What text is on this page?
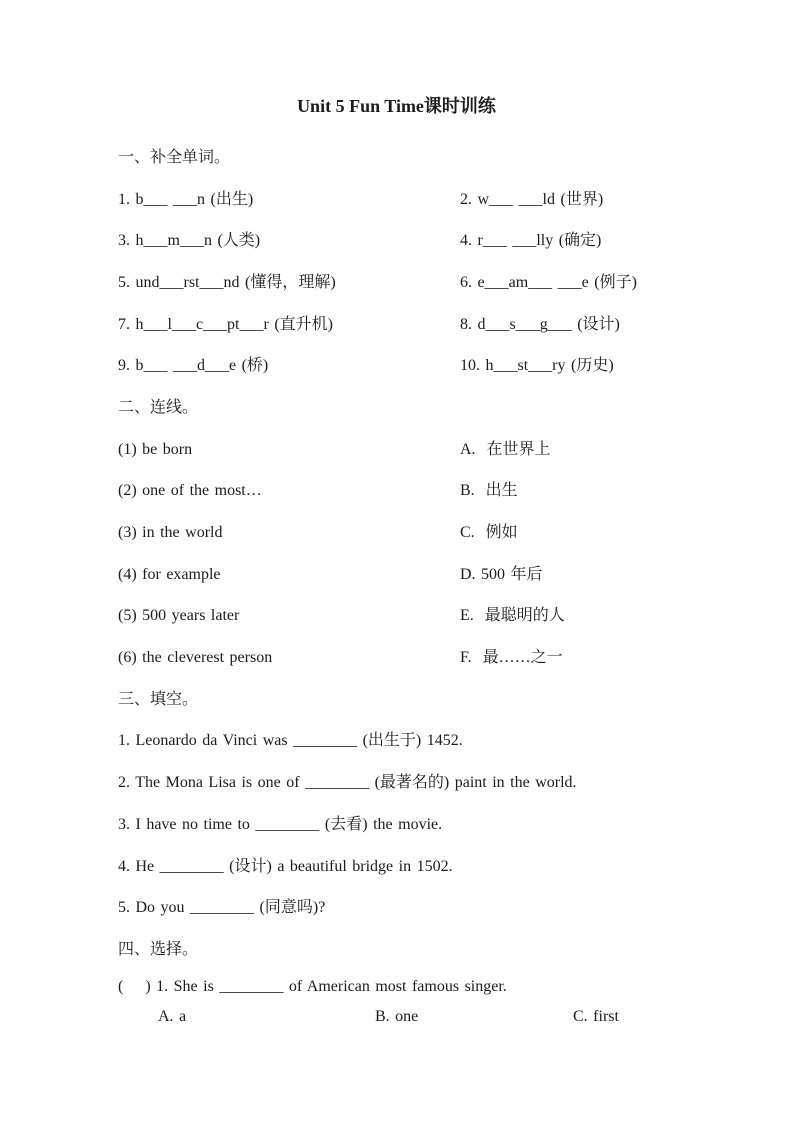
Unit 5 Fun Time课时训练
一、补全单词。
1. b___ ___n (出生)	2. w___ ___ld (世界)
3. h___m___n (人类)	4. r___ ___lly (确定)
5. und___rst___nd (懂得，理解)	6. e___am___ ___e (例子)
7. h___l___c___pt___r (直升机)	8. d___s___g___ (设计)
9. b___ ___d___e (桥)	10. h___st___ry (历史)
二、连线。
(1) be born	A.  在世界上
(2) one of the most…	B.  出生
(3) in the world	C.  例如
(4) for example	D. 500 年后
(5) 500 years later	E.  最聪明的人
(6) the cleverest person	F.  最……之一
三、填空。
1. Leonardo da Vinci was ________ (出生于) 1452.
2. The Mona Lisa is one of ________ (最著名的) paint in the world.
3. I have no time to ________ (去看) the movie.
4. He ________ (设计) a beautiful bridge in 1502.
5. Do you ________ (同意吗)?
四、选择。
(    ) 1. She is ________ of American most famous singer.
A. a	B. one	C. first
